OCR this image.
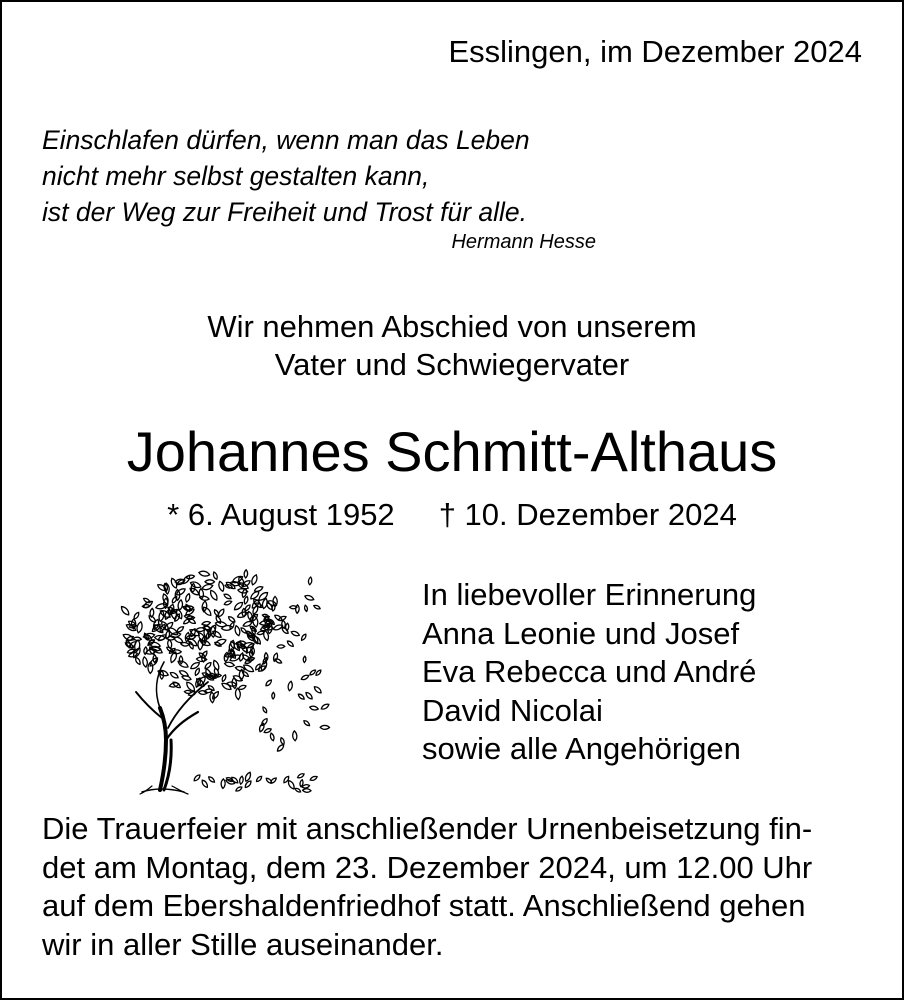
Esslingen, im Dezember 2024
Einschlafen dürfen, wenn man das Leben
nicht mehr selbst gestalten kann,
ist der Weg zur Freiheit und Trost für alle.
Hermann Hesse
Wir nehmen Abschied von unserem
Vater und Schwiegervater
Johannes Schmitt-Althaus
* 6. August 1952 † 10. Dezember 2024
In liebevoller Erinnerung
Anna Leonie und Josef
Eva Rebecca und André
David Nicolai
sowie alle Angehörigen
Die Trauerfeier mit anschließender Urnenbeisetzung fin-
det am Montag, dem 23. Dezember 2024, um 12.00 Uhr
auf dem Ebershaldenfriedhof statt. Anschließend gehen
wir in aller Stille auseinander.
